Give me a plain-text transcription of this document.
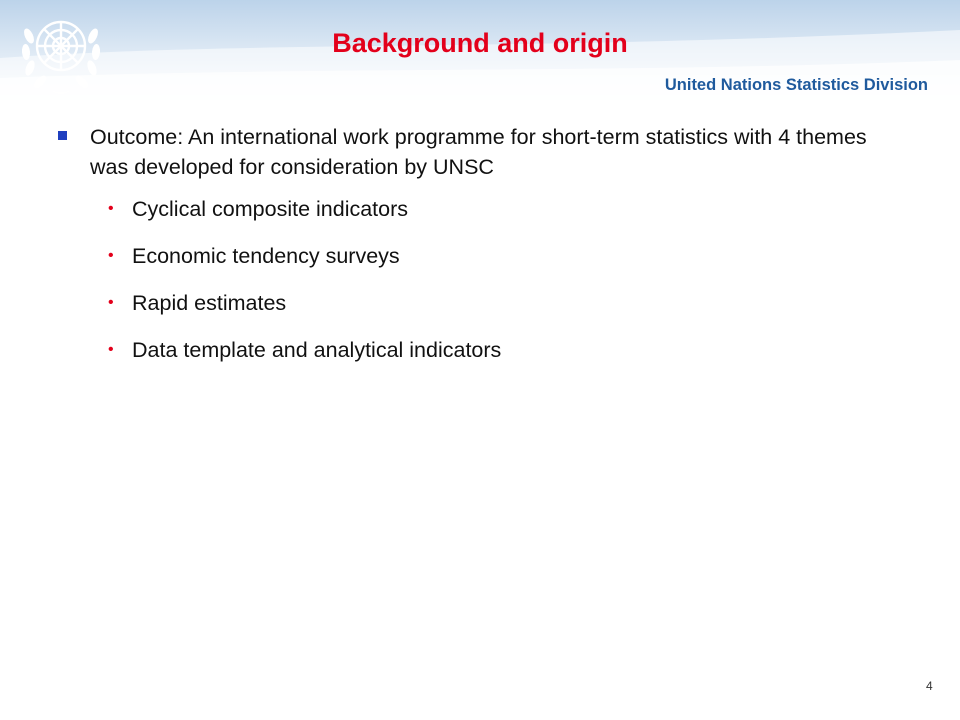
Background and origin
United Nations Statistics Division

Outcome: An international work programme for short-term statistics with 4 themes was developed for consideration by UNSC

• Cyclical composite indicators
• Economic tendency surveys
• Rapid estimates
• Data template and analytical indicators
4
